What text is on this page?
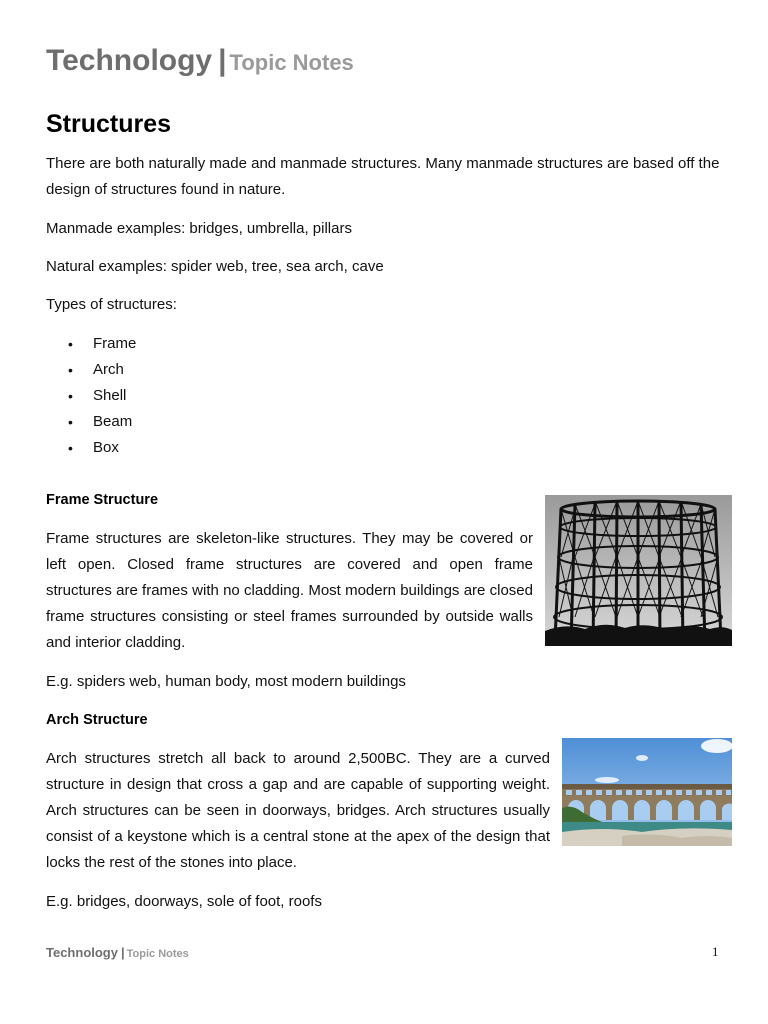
Technology | Topic Notes
Structures

There are both naturally made and manmade structures. Many manmade structures are based off the design of structures found in nature.

Manmade examples: bridges, umbrella, pillars

Natural examples: spider web, tree, sea arch, cave

Types of structures:

• Frame
• Arch
• Shell
• Beam
• Box
Frame Structure

Frame structures are skeleton-like structures. They may be covered or left open. Closed frame structures are covered and open frame structures are frames with no cladding. Most modern buildings are closed frame structures consisting or steel frames surrounded by outside walls and interior cladding.

E.g. spiders web, human body, most modern buildings

Arch Structure

Arch structures stretch all back to around 2,500BC. They are a curved structure in design that cross a gap and are capable of supporting weight. Arch structures can be seen in doorways, bridges. Arch structures usually consist of a keystone which is a central stone at the apex of the design that locks the rest of the stones into place.

E.g. bridges, doorways, sole of foot, roofs

Technology | Topic Notes	1
